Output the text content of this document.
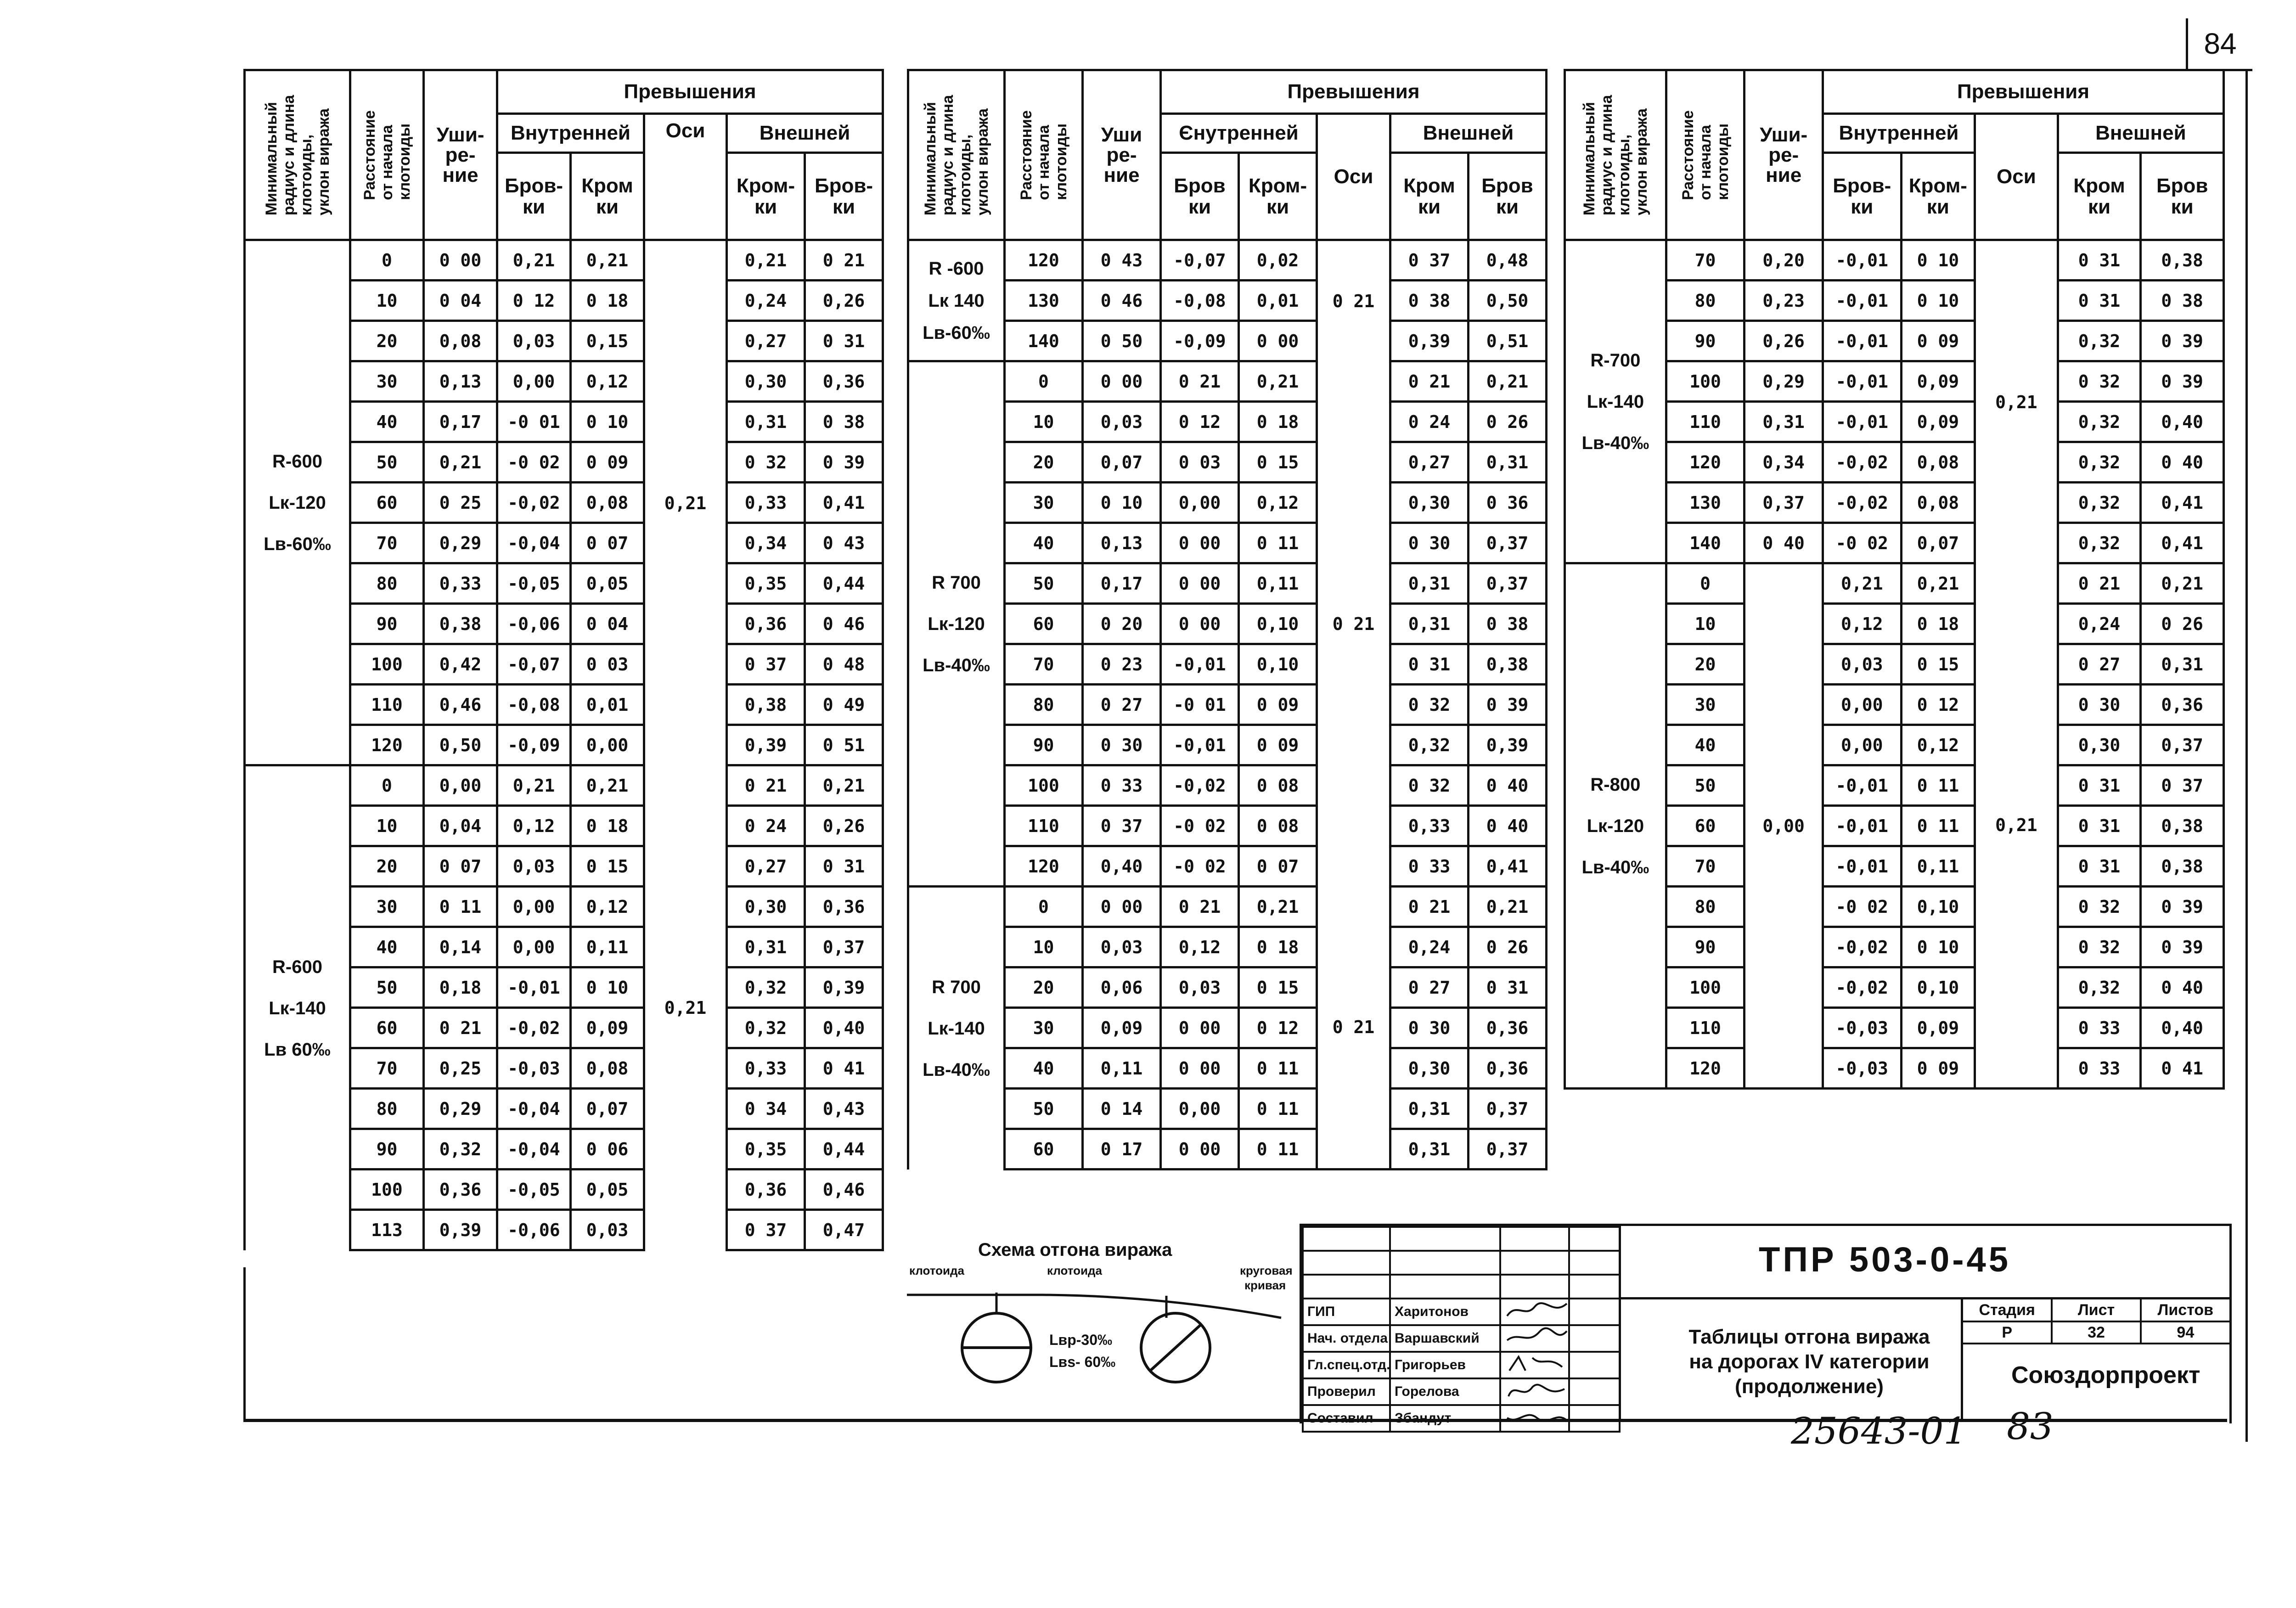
84
Минимальный
радиус и длина
клотоиды,
уклон виража	Расстояние
от начала
клотоиды	Уши-
ре-
ние	Превышения				
			Внутренней		Оси	Внешней	
			Бров-
ки	Кром
ки		Кром-
ки	Бров-
ки
R-600
Lк-120
Lв-60‰	0	0 00	0,21	0,21	0,21	0,21	0 21
	10	0 04	0 12	0 18		0,24	0,26
	20	0,08	0,03	0,15		0,27	0 31
	30	0,13	0,00	0,12		0,30	0,36
	40	0,17	-0 01	0 10		0,31	0 38
	50	0,21	-0 02	0 09		0 32	0 39
	60	0 25	-0,02	0,08		0,33	0,41
	70	0,29	-0,04	0 07		0,34	0 43
	80	0,33	-0,05	0,05		0,35	0,44
	90	0,38	-0,06	0 04		0,36	0 46
	100	0,42	-0,07	0 03		0 37	0 48
	110	0,46	-0,08	0,01		0,38	0 49
	120	0,50	-0,09	0,00		0,39	0 51
R-600
Lк-140
Lв 60‰	0	0,00	0,21	0,21	0,21	0 21	0,21
	10	0,04	0,12	0 18		0 24	0,26
	20	0 07	0,03	0 15		0,27	0 31
	30	0 11	0,00	0,12		0,30	0,36
	40	0,14	0,00	0,11		0,31	0,37
	50	0,18	-0,01	0 10		0,32	0,39
	60	0 21	-0,02	0,09		0,32	0,40
	70	0,25	-0,03	0,08		0,33	0 41
	80	0,29	-0,04	0,07		0 34	0,43
	90	0,32	-0,04	0 06		0,35	0,44
	100	0,36	-0,05	0,05		0,36	0,46
	113	0,39	-0,06	0,03		0 37	0,47
Минимальный
радиус и длина
клотоиды,
уклон виража	Расстояние
от начала
клотоиды	Уши
ре-
ние	Превышения				
			Єнутренней		Оси	Внешней	
			Бров
ки	Кром-
ки		Кром
ки	Бров
ки
R -600
Lк 140
Lв-60‰	120	0 43	-0,07	0,02	0 21	0 37	0,48
	130	0 46	-0,08	0,01		0 38	0,50
	140	0 50	-0,09	0 00		0,39	0,51
R 700
Lк-120
Lв-40‰	0	0 00	0 21	0,21	0 21	0 21	0,21
	10	0,03	0 12	0 18		0 24	0 26
	20	0,07	0 03	0 15		0,27	0,31
	30	0 10	0,00	0,12		0,30	0 36
	40	0,13	0 00	0 11		0 30	0,37
	50	0,17	0 00	0,11		0,31	0,37
	60	0 20	0 00	0,10		0,31	0 38
	70	0 23	-0,01	0,10		0 31	0,38
	80	0 27	-0 01	0 09		0 32	0 39
	90	0 30	-0,01	0 09		0,32	0,39
	100	0 33	-0,02	0 08		0 32	0 40
	110	0 37	-0 02	0 08		0,33	0 40
	120	0,40	-0 02	0 07		0 33	0,41
R 700
Lк-140
Lв-40‰	0	0 00	0 21	0,21	0 21	0 21	0,21
	10	0,03	0,12	0 18		0,24	0 26
	20	0,06	0,03	0 15		0 27	0 31
	30	0,09	0 00	0 12		0 30	0,36
	40	0,11	0 00	0 11		0,30	0,36
	50	0 14	0,00	0 11		0,31	0,37
	60	0 17	0 00	0 11		0,31	0,37
Минимальный
радиус и длина
клотоиды,
уклон виража	Расстояние
от начала
клотоиды	Уши-
ре-
ние	Превышения				
			Внутренней		Оси	Внешней	
			Бров-
ки	Кром-
ки		Кром
ки	Бров
ки
R-700
Lк-140
Lв-40‰	70	0,20	-0,01	0 10	0,21	0 31	0,38
	80	0,23	-0,01	0 10		0 31	0 38
	90	0,26	-0,01	0 09		0,32	0 39
	100	0,29	-0,01	0,09		0 32	0 39
	110	0,31	-0,01	0,09		0,32	0,40
	120	0,34	-0,02	0,08		0,32	0 40
	130	0,37	-0,02	0,08		0,32	0,41
	140	0 40	-0 02	0,07		0,32	0,41
R-800
Lк-120
Lв-40‰	0	0,00	0,21	0,21	0,21	0 21	0,21
	10		0,12	0 18		0,24	0 26
	20		0,03	0 15		0 27	0,31
	30		0,00	0 12		0 30	0,36
	40		0,00	0,12		0,30	0,37
	50		-0,01	0 11		0 31	0 37
	60		-0,01	0 11		0 31	0,38
	70		-0,01	0,11		0 31	0,38
	80		-0 02	0,10		0 32	0 39
	90		-0,02	0 10		0 32	0 39
	100		-0,02	0,10		0,32	0 40
	110		-0,03	0,09		0 33	0,40
	120		-0,03	0 09		0 33	0 41
Схема отгона виража
клотоида	клотоида	круговая
кривая
Lвр-30‰
Lвs- 60‰

ГИП	Харитонов		
Нач. отдела	Варшавский		
Гл.спец.отд.	Григорьев		
Проверил	Горелова		
Составил	Збандут		
ТПР 503-0-45
Таблицы отгона виража
на дорогах IV категории
(продолжение)
Стадия	Лист	Листов
Р	32	94
Союздорпроект
25643-01 83
